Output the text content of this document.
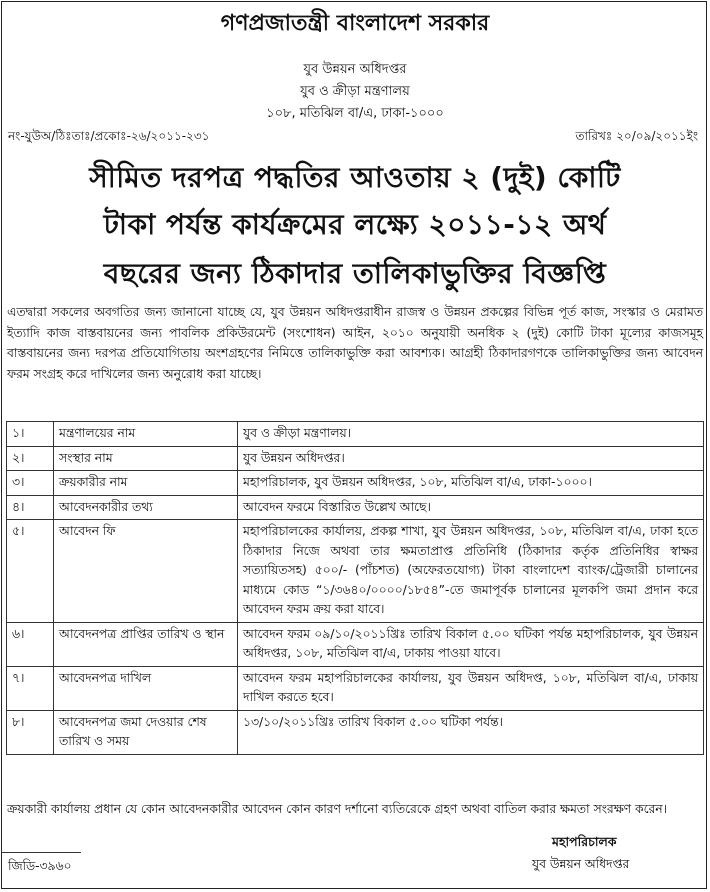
গণপ্রজাতন্ত্রী বাংলাদেশ সরকার
যুব উন্নয়ন অধিদপ্তর
যুব ও ক্রীড়া মন্ত্রণালয়
১০৮, মতিঝিল বা/এ, ঢাকা-১০০০
নং-যুউঅ/ঠিঃতাঃ/প্রকোঃ-২৬/২০১১-২৩১	তারিখঃ ২০/০৯/২০১১ইং
সীমিত দরপত্র পদ্ধতির আওতায় ২ (দুই) কোটি
টাকা পর্যন্ত কার্যক্রমের লক্ষ্যে ২০১১-১২ অর্থ
বছরের জন্য ঠিকাদার তালিকাভুক্তির বিজ্ঞপ্তি
এতদ্বারা সকলের অবগতির জন্য জানানো যাচ্ছে যে, যুব উন্নয়ন অধিদপ্তরাধীন রাজস্ব ও উন্নয়ন প্রকল্পের বিভিন্ন পূর্ত কাজ, সংস্কার ও মেরামত ইত্যাদি কাজ বাস্তবায়নের জন্য পাবলিক প্রকিউরমেন্ট (সংশোধন) আইন, ২০১০ অনুযায়ী অনধিক ২ (দুই) কোটি টাকা মূল্যের কাজসমূহ বাস্তবায়নের জন্য দরপত্র প্রতিযোগিতায় অংশগ্রহণের নিমিত্তে তালিকাভুক্তি করা আবশ্যক। আগ্রহী ঠিকাদারগণকে তালিকাভুক্তির জন্য আবেদন ফরম সংগ্রহ করে দাখিলের জন্য অনুরোধ করা যাচ্ছে।
১।	মন্ত্রণালয়ের নাম	যুব ও ক্রীড়া মন্ত্রণালয়।
২।	সংস্থার নাম	যুব উন্নয়ন অধিদপ্তর।
৩।	ক্রয়কারীর নাম	মহাপরিচালক, যুব উন্নয়ন অধিদপ্তর, ১০৮, মতিঝিল বা/এ, ঢাকা-১০০০।
৪।	আবেদনকারীর তথ্য	আবেদন ফরমে বিস্তারিত উল্লেখ আছে।
৫।	আবেদন ফি	মহাপরিচালকের কার্যালয়, প্রকল্প শাখা, যুব উন্নয়ন অধিদপ্তর, ১০৮, মতিঝিল বা/এ, ঢাকা হতে ঠিকাদার নিজে অথবা তার ক্ষমতাপ্রাপ্ত প্রতিনিধি (ঠিকাদার কর্তৃক প্রতিনিধির স্বাক্ষর সত্যায়িতসহ) ৫০০/- (পাঁচশত) (অফেরতযোগ্য) টাকা বাংলাদেশ ব্যাংক/ট্রেজারী চালানের মাধ্যমে কোড “১/৩৬৪০/০০০০/১৮৫৪”-তে জমাপূর্বক চালানের মূলকপি জমা প্রদান করে আবেদন ফরম ক্রয় করা যাবে।
৬।	আবেদনপত্র প্রাপ্তির তারিখ ও স্থান	আবেদন ফরম ০৯/১০/২০১১খ্রিঃ তারিখ বিকাল ৫.০০ ঘটিকা পর্যন্ত মহাপরিচালক, যুব উন্নয়ন অধিদপ্তর, ১০৮, মতিঝিল বা/এ, ঢাকায় পাওয়া যাবে।
৭।	আবেদনপত্র দাখিল	আবেদন ফরম মহাপরিচালকের কার্যালয়, যুব উন্নয়ন অধিদপ্ত, ১০৮, মতিঝিল বা/এ, ঢাকায় দাখিল করতে হবে।
৮।	আবেদনপত্র জমা দেওয়ার শেষ তারিখ ও সময়	১৩/১০/২০১১খ্রিঃ তারিখ বিকাল ৫.০০ ঘটিকা পর্যন্ত।
ক্রয়কারী কার্যালয় প্রধান যে কোন আবেদনকারীর আবেদন কোন কারণ দর্শানো ব্যতিরেকে গ্রহণ অথবা বাতিল করার ক্ষমতা সংরক্ষণ করেন।
মহাপরিচালক
যুব উন্নয়ন অধিদপ্তর
জিডি-৩৯৬০
